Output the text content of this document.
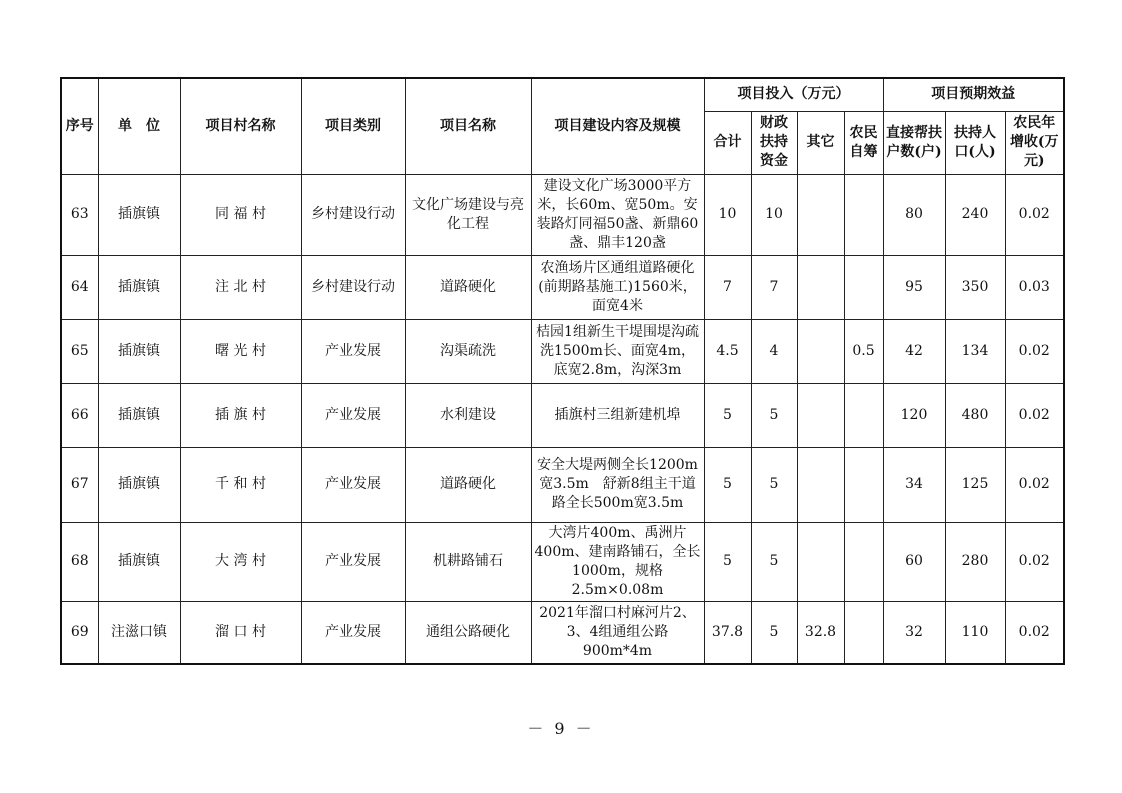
序号	单　位	项目村名称	项目类别	项目名称	项目建设内容及规模	项目投入（万元）				项目预期效益		
						合计	财政扶持资金	其它	农民自筹	直接帮扶户数(户)	扶持人口(人)	农民年增收(万元)
63	插旗镇	同 福 村	乡村建设行动	文化广场建设与亮化工程	建设文化广场3000平方米，长60m、宽50m。安装路灯同福50盏、新鼎60盏、鼎丰120盏	10	10			80	240	0.02
64	插旗镇	注 北 村	乡村建设行动	道路硬化	农渔场片区通组道路硬化(前期路基施工)1560米，面宽4米	7	7			95	350	0.03
65	插旗镇	曙 光 村	产业发展	沟渠疏洗	桔园1组新生干堤围堤沟疏洗1500m长、面宽4m，底宽2.8m，沟深3m	4.5	4		0.5	42	134	0.02
66	插旗镇	插 旗 村	产业发展	水利建设	插旗村三组新建机埠	5	5			120	480	0.02
67	插旗镇	千 和 村	产业发展	道路硬化	安全大堤两侧全长1200m宽3.5m　舒新8组主干道路全长500m宽3.5m	5	5			34	125	0.02
68	插旗镇	大 湾 村	产业发展	机耕路铺石	大湾片400m、禹洲片400m、建南路铺石，全长1000m，规格2.5m×0.08m	5	5			60	280	0.02
69	注滋口镇	溜 口 村	产业发展	通组公路硬化	2021年溜口村麻河片2、3、4组通组公路900m*4m	37.8	5	32.8		32	110	0.02
－ 9 －
